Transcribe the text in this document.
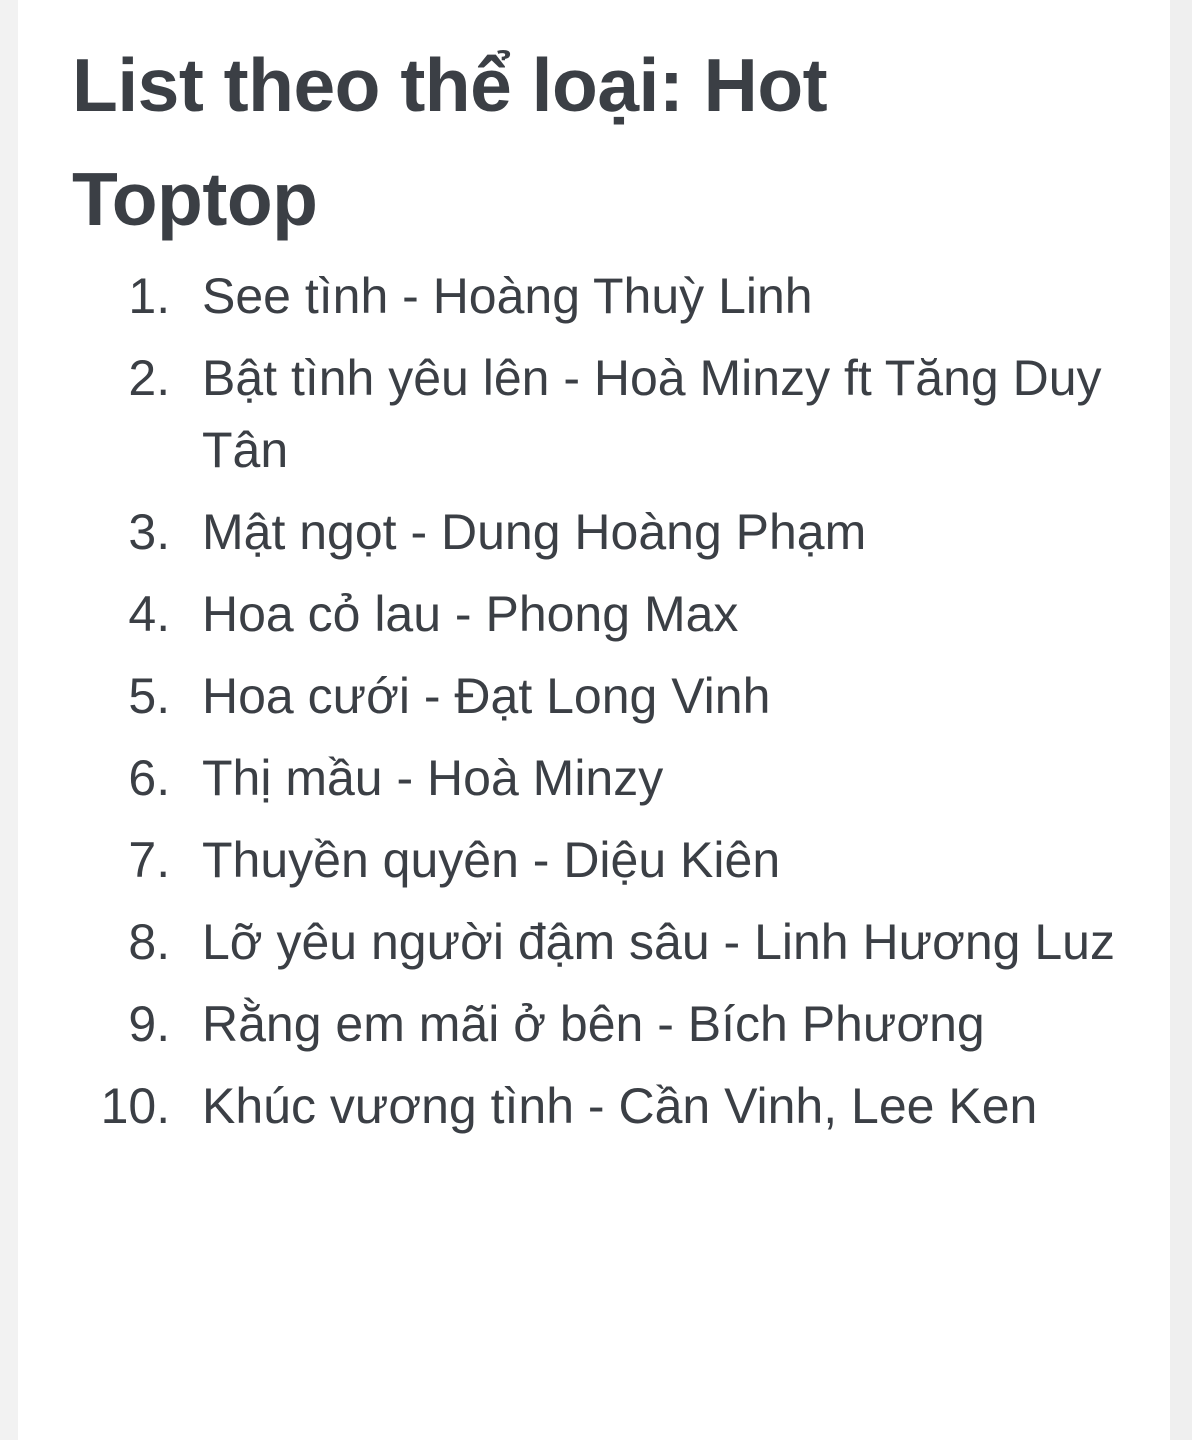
List theo thể loại: Hot Toptop
1. See tình - Hoàng Thuỳ Linh
2. Bật tình yêu lên - Hoà Minzy ft Tăng Duy Tân
3. Mật ngọt - Dung Hoàng Phạm
4. Hoa cỏ lau - Phong Max
5. Hoa cưới - Đạt Long Vinh
6. Thị mầu - Hoà Minzy
7. Thuyền quyên - Diệu Kiên
8. Lỡ yêu người đậm sâu - Linh Hương Luz
9. Rằng em mãi ở bên - Bích Phương
10. Khúc vương tình - Cần Vinh, Lee Ken
